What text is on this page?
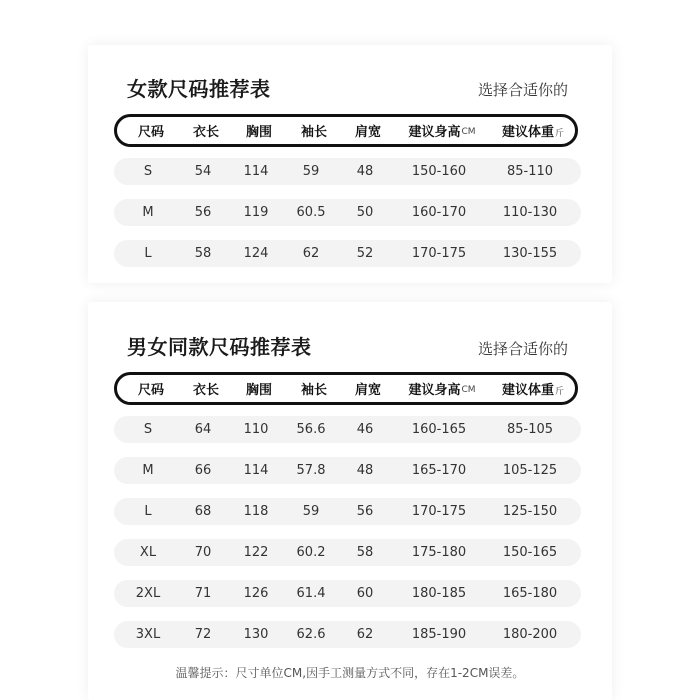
女款尺码推荐表	选择合适你的
尺码 衣长 胸围 袖长 肩宽 建议身高 CM 建议体重 斤
S	54 114	59	48	150-160	85-110
M	56 119 60.5 50	160-170	110-130
L	58 124	62	52	170-175	130-155
男女同款尺码推荐表	选择合适你的
尺码 衣长 胸围 袖长 肩宽 建议身高 CM 建议体重 斤
S	64 110 56.6 46	160-165	85-105
M	66 114 57.8 48	165-170	105-125
L	68 118	59	56	170-175	125-150
XL	70 122 60.2 58	175-180	150-165
2XL	71 126 61.4 60	180-185	165-180
3XL	72 130 62.6 62	185-190	180-200
温馨提示：尺寸单位CM,因手工测量方式不同，存在1-2CM误差。
